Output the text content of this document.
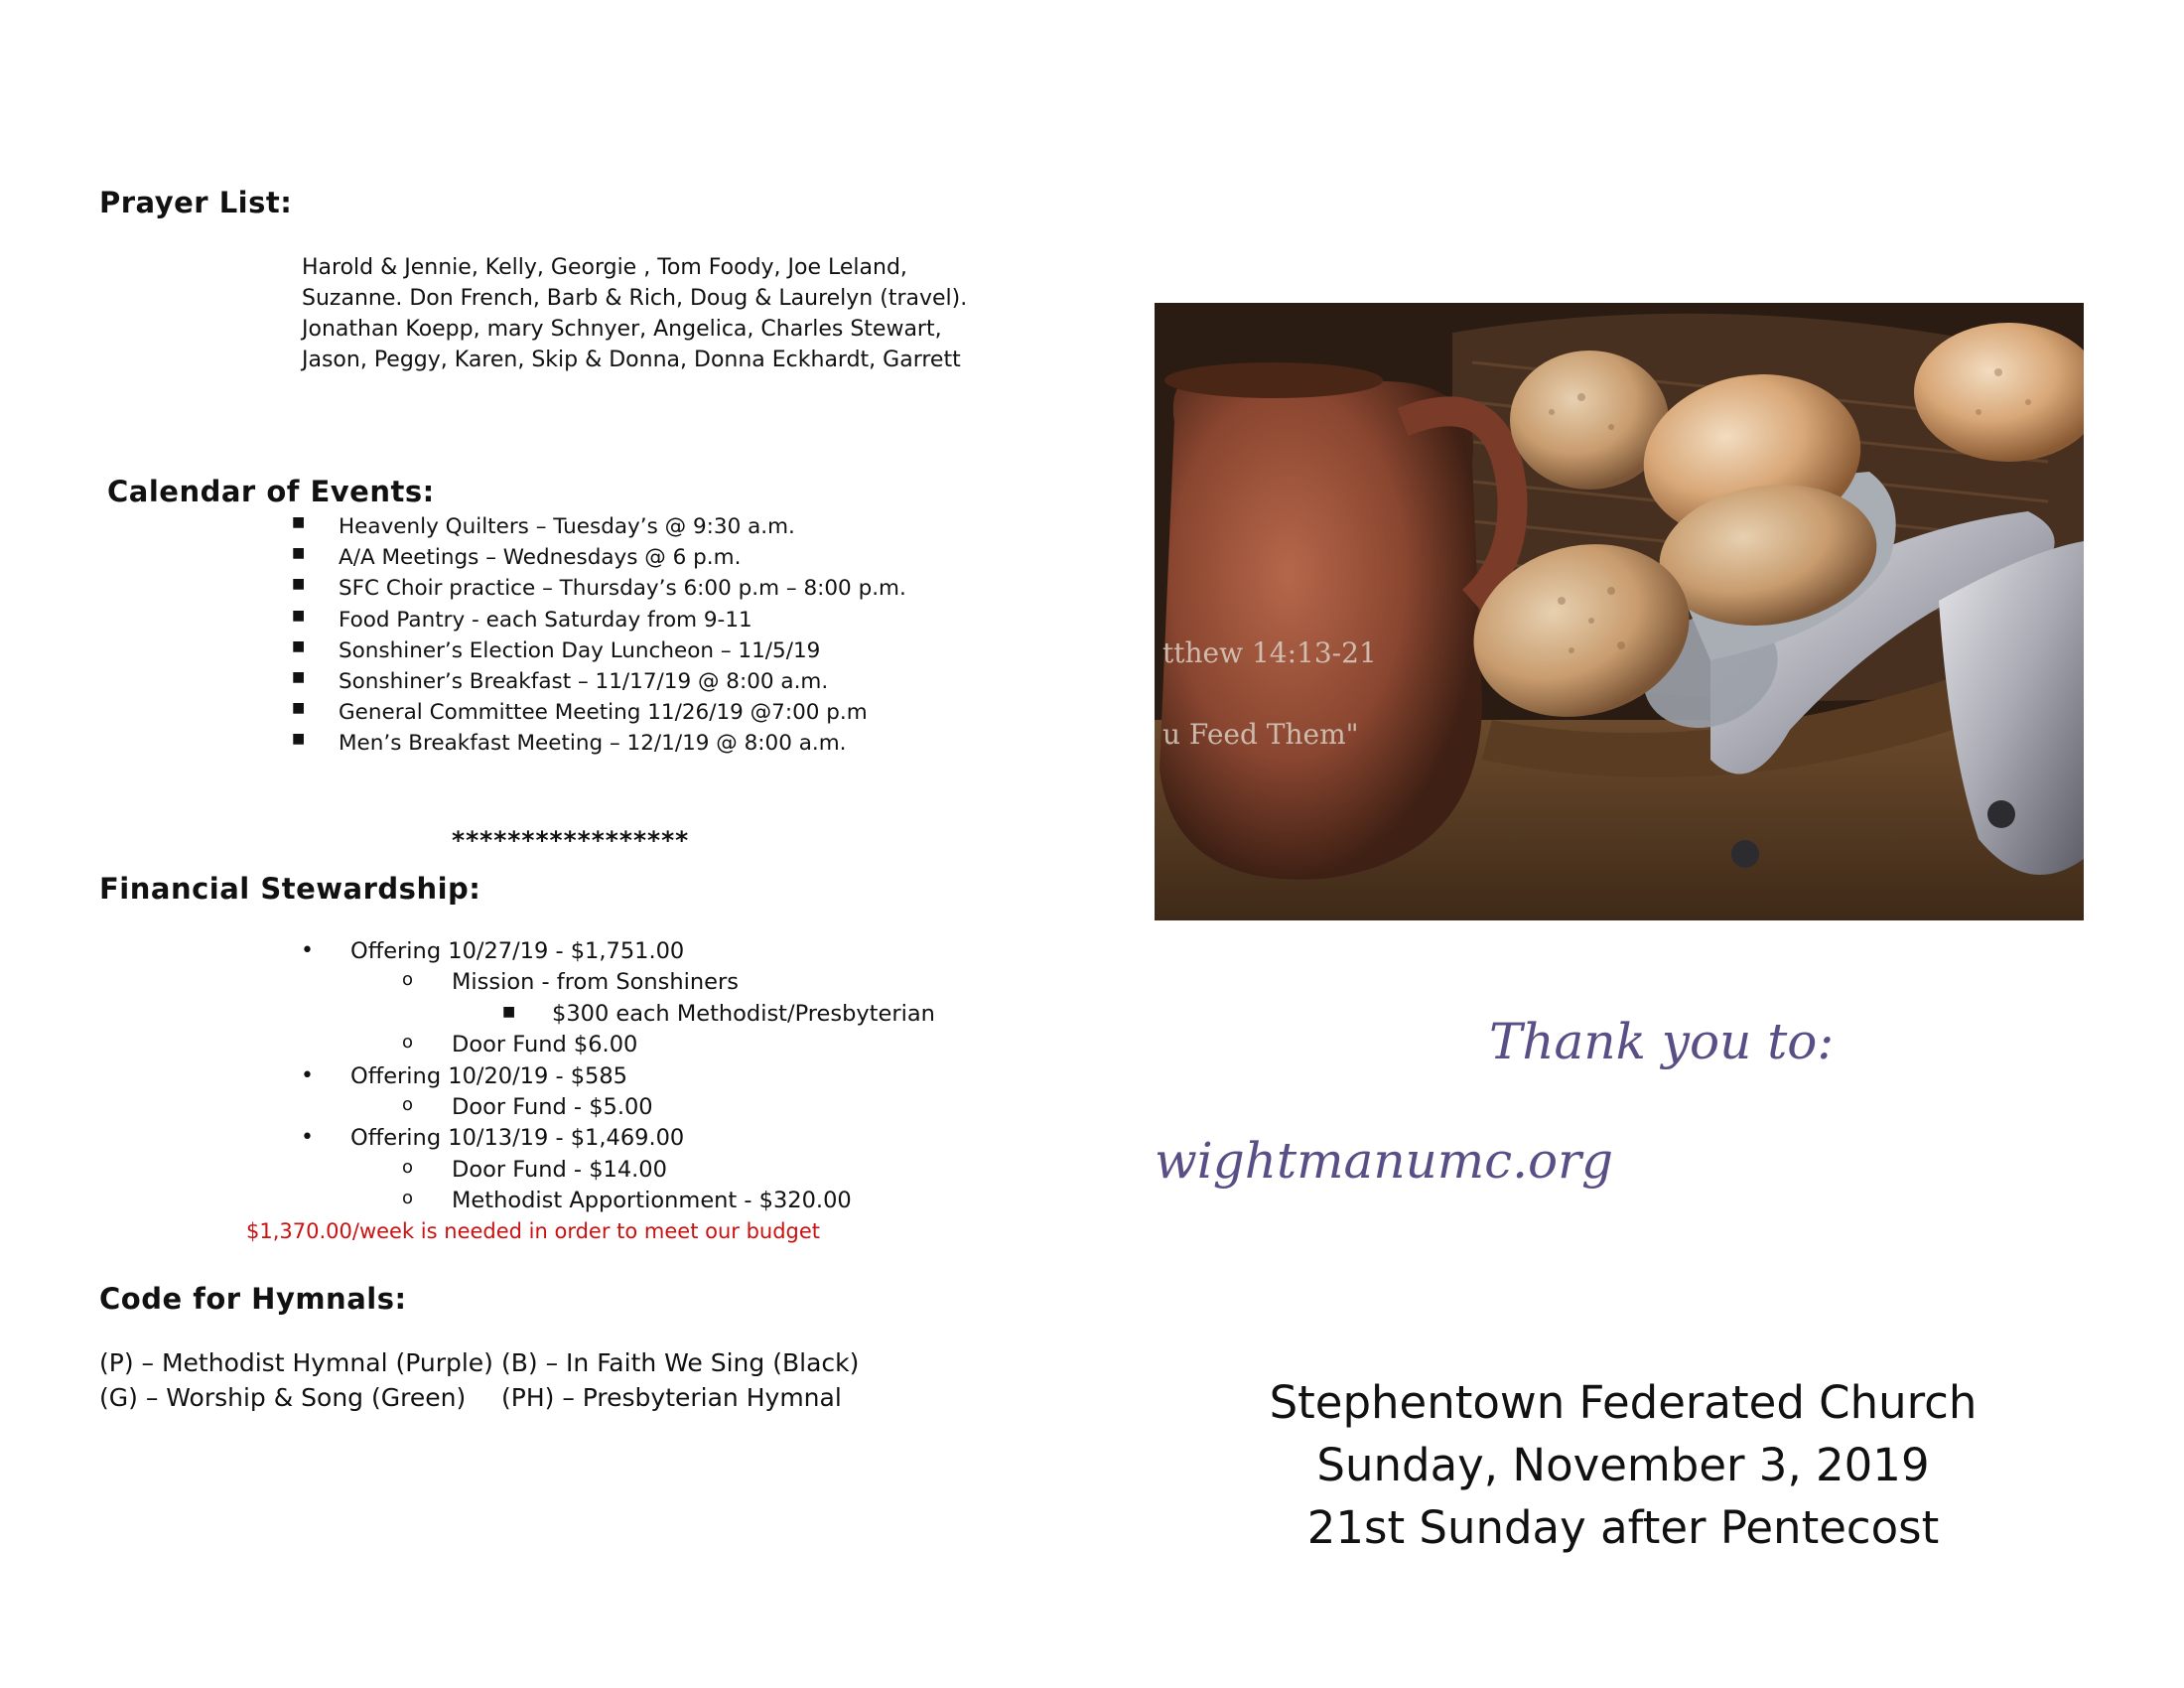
Prayer List:
Harold & Jennie, Kelly, Georgie , Tom Foody, Joe Leland,
Suzanne. Don French, Barb & Rich, Doug & Laurelyn (travel).
Jonathan Koepp, mary Schnyer, Angelica, Charles Stewart,
Jason, Peggy, Karen, Skip & Donna, Donna Eckhardt, Garrett
Calendar of Events:
■ Heavenly Quilters – Tuesday’s @ 9:30 a.m.
■ A/A Meetings – Wednesdays @ 6 p.m.
■ SFC Choir practice – Thursday’s 6:00 p.m – 8:00 p.m.
■ Food Pantry - each Saturday from 9-11
■ Sonshiner’s Election Day Luncheon – 11/5/19
■ Sonshiner’s Breakfast – 11/17/19 @ 8:00 a.m.
■ General Committee Meeting 11/26/19 @7:00 p.m
■ Men’s Breakfast Meeting – 12/1/19 @ 8:00 a.m.
*****************
Financial Stewardship:
• Offering 10/27/19 - $1,751.00
o Mission - from Sonshiners
■ $300 each Methodist/Presbyterian
o Door Fund $6.00
• Offering 10/20/19 - $585
o Door Fund - $5.00
• Offering 10/13/19 - $1,469.00
o Door Fund - $14.00
o Methodist Apportionment - $320.00
$1,370.00/week is needed in order to meet our budget
Code for Hymnals:
(P) – Methodist Hymnal (Purple)
(G) – Worship & Song (Green)
(B) – In Faith We Sing (Black)
(PH) – Presbyterian Hymnal
tthew 14:13-21
u Feed Them"
Thank you to:
wightmanumc.org
Stephentown Federated Church
Sunday, November 3, 2019
21st Sunday after Pentecost
